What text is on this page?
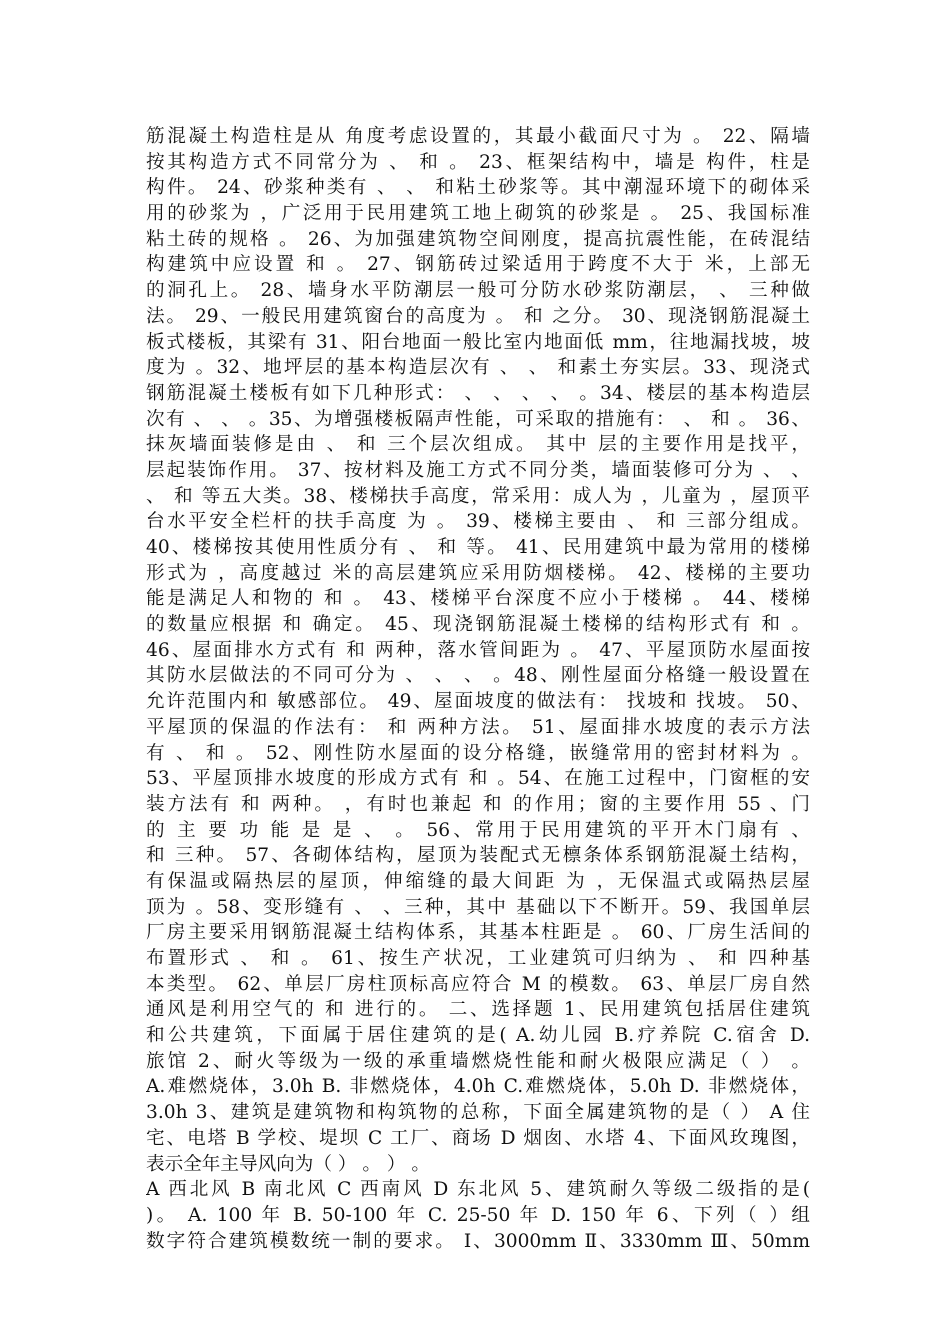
筋混凝土构造柱是从 角度考虑设置的，其最小截面尺寸为 。 22、隔墙
按其构造方式不同常分为 、 和 。 23、框架结构中，墙是 构件，柱是
构件。 24、砂浆种类有 、 、 和粘土砂浆等。其中潮湿环境下的砌体采
用的砂浆为 ，广泛用于民用建筑工地上砌筑的砂浆是 。 25、我国标准
粘土砖的规格 。 26、为加强建筑物空间刚度，提高抗震性能，在砖混结
构建筑中应设置 和 。 27、钢筋砖过梁适用于跨度不大于 米，上部无
的洞孔上。 28、墙身水平防潮层一般可分防水砂浆防潮层， 、 三种做
法。 29、一般民用建筑窗台的高度为 。 和 之分。 30、现浇钢筋混凝土
板式楼板，其梁有 31、阳台地面一般比室内地面低 mm，往地漏找坡，坡
度为 。32、地坪层的基本构造层次有 、 、 和素土夯实层。33、现浇式
钢筋混凝土楼板有如下几种形式： 、 、 、 、 。34、楼层的基本构造层
次有 、 、 。35、为增强楼板隔声性能，可采取的措施有： 、 和 。 36、
抹灰墙面装修是由 、 和 三个层次组成。 其中 层的主要作用是找平，
层起装饰作用。 37、按材料及施工方式不同分类，墙面装修可分为 、 、
、 和 等五大类。38、楼梯扶手高度，常采用：成人为 ，儿童为 ，屋顶平
台水平安全栏杆的扶手高度 为 。 39、楼梯主要由 、 和 三部分组成。
40、楼梯按其使用性质分有 、 和 等。 41、民用建筑中最为常用的楼梯
形式为 ，高度越过 米的高层建筑应采用防烟楼梯。 42、楼梯的主要功
能是满足人和物的 和 。 43、楼梯平台深度不应小于楼梯 。 44、楼梯
的数量应根据 和 确定。 45、现浇钢筋混凝土楼梯的结构形式有 和 。
46、屋面排水方式有 和 两种，落水管间距为 。 47、平屋顶防水屋面按
其防水层做法的不同可分为 、 、 、 。48、刚性屋面分格缝一般设置在
允许范围内和 敏感部位。 49、屋面坡度的做法有： 找坡和 找坡。 50、
平屋顶的保温的作法有： 和 两种方法。 51、屋面排水坡度的表示方法
有 、 和 。 52、刚性防水屋面的设分格缝，嵌缝常用的密封材料为 。
53、平屋顶排水坡度的形成方式有 和 。54、在施工过程中，门窗框的安
装方法有 和 两种。 ，有时也兼起 和 的作用；窗的主要作用 55 、门
的 主 要 功 能 是 是 、 。 56、常用于民用建筑的平开木门扇有 、
和 三种。 57、各砌体结构，屋顶为装配式无檩条体系钢筋混凝土结构，
有保温或隔热层的屋顶，伸缩缝的最大间距 为 ，无保温式或隔热层屋
顶为 。58、变形缝有 、 、三种，其中 基础以下不断开。59、我国单层
厂房主要采用钢筋混凝土结构体系，其基本柱距是 。 60、厂房生活间的
布置形式 、 和 。 61、按生产状况，工业建筑可归纳为 、 和 四种基
本类型。 62、单层厂房柱顶标高应符合 M 的模数。 63、单层厂房自然
通风是利用空气的 和 进行的。 二、选择题 1、民用建筑包括居住建筑
和公共建筑，下面属于居住建筑的是( A.幼儿园 B.疗养院 C.宿舍 D.
旅馆 2、耐火等级为一级的承重墙燃烧性能和耐火极限应满足（ ） 。
A.难燃烧体，3.0h B. 非燃烧体，4.0h C.难燃烧体，5.0h D. 非燃烧体，
3.0h 3、建筑是建筑物和构筑物的总称，下面全属建筑物的是（ ） A 住
宅、电塔 B 学校、堤坝 C 工厂、商场 D 烟囱、水塔 4、下面风玫瑰图，
表示全年主导风向为（ ） 。 ） 。
A 西北风 B 南北风 C 西南风 D 东北风 5、建筑耐久等级二级指的是(
)。 A. 100 年 B. 50-100 年 C. 25-50 年 D. 150 年 6、下列（ ）组
数字符合建筑模数统一制的要求。 Ⅰ、3000mm Ⅱ、3330mm Ⅲ、50mm
